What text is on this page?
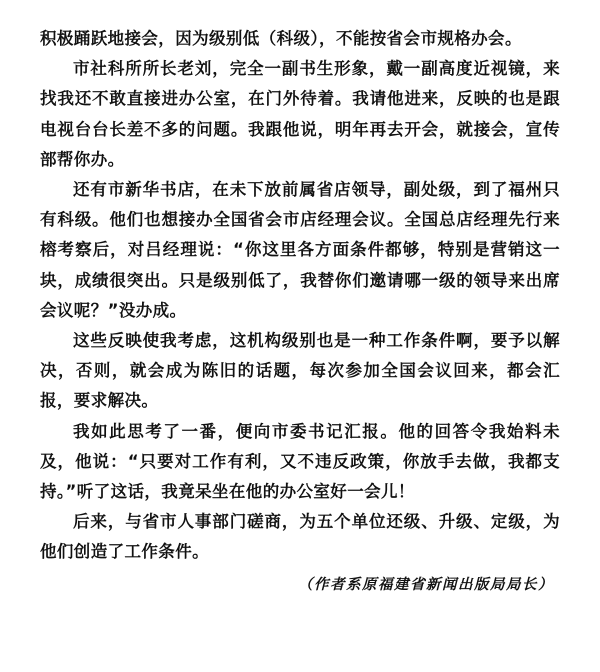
积极踊跃地接会，因为级别低（科级），不能按省会市规格办会。

市社科所所长老刘，完全一副书生形象，戴一副高度近视镜，来找我还不敢直接进办公室，在门外待着。我请他进来，反映的也是跟电视台台长差不多的问题。我跟他说，明年再去开会，就接会，宣传部帮你办。

还有市新华书店，在未下放前属省店领导，副处级，到了福州只有科级。他们也想接办全国省会市店经理会议。全国总店经理先行来榕考察后，对吕经理说：“你这里各方面条件都够，特别是营销这一块，成绩很突出。只是级别低了，我替你们邀请哪一级的领导来出席会议呢？”没办成。

这些反映使我考虑，这机构级别也是一种工作条件啊，要予以解决，否则，就会成为陈旧的话题，每次参加全国会议回来，都会汇报，要求解决。

我如此思考了一番，便向市委书记汇报。他的回答令我始料未及，他说：“只要对工作有利，又不违反政策，你放手去做，我都支持。”听了这话，我竟呆坐在他的办公室好一会儿！

后来，与省市人事部门磋商，为五个单位还级、升级、定级，为他们创造了工作条件。

（作者系原福建省新闻出版局局长）
